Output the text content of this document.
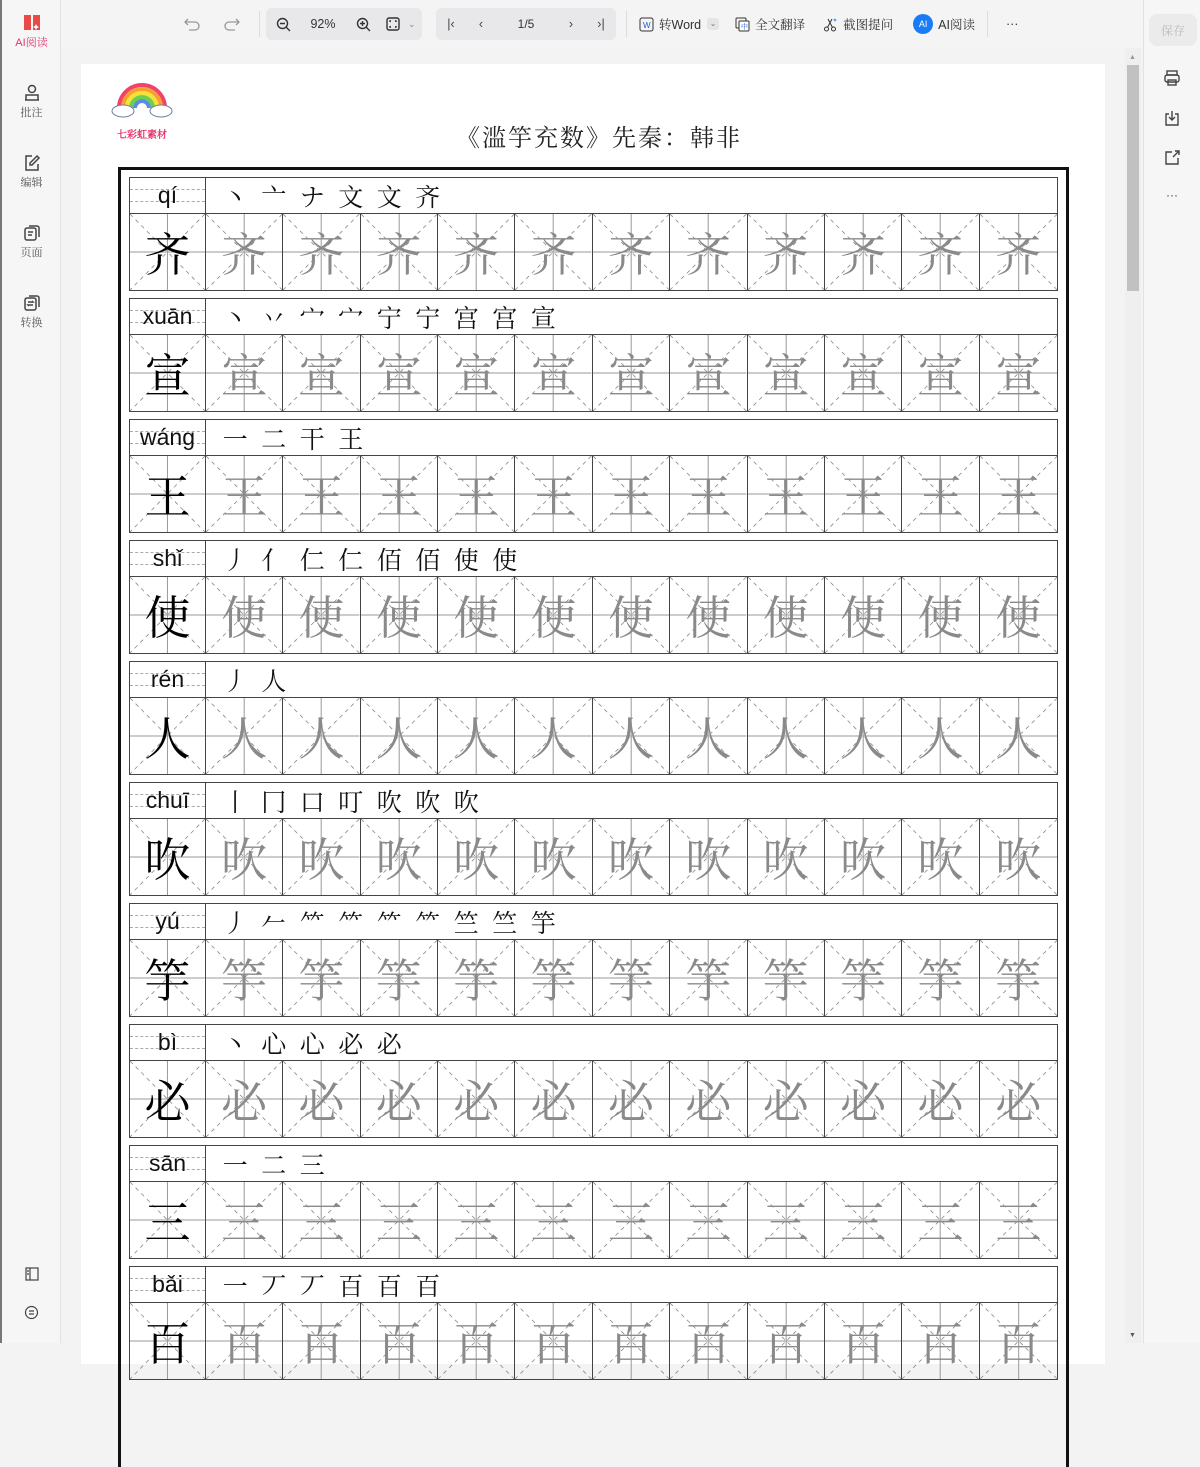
AI阅读
批注
编辑
页面
转换
92%	⌄	|‹ ‹	1/5	› ›|	W 转Word	⌄	中 全文翻译	截图提问	AI AI阅读 ···
▲
▼
保存
···
七彩虹素材	《滥竽充数》先秦：韩非
qí	丶 亠 ナ 文 文 齐
齐 齐 齐 齐 齐 齐 齐 齐 齐 齐 齐 齐
xuān	丶 丷 宀 宀 宁 宁 宫 宫 宣
宣 宣 宣 宣 宣 宣 宣 宣 宣 宣 宣 宣
wáng	一 二 干 王
王 王 王 王 王 王 王 王 王 王 王 王
shǐ	丿 亻 仁 仁 佰 佰 使 使
使 使 使 使 使 使 使 使 使 使 使 使
rén	丿 人
人 人 人 人 人 人 人 人 人 人 人 人
chuī	丨 冂 口 叮 吹 吹 吹
吹 吹 吹 吹 吹 吹 吹 吹 吹 吹 吹 吹
yú	丿 𠂉 ⺮ ⺮ ⺮ ⺮ 竺 竺 竽
竽 竽 竽 竽 竽 竽 竽 竽 竽 竽 竽 竽
bì	丶 心 心 必 必
必 必 必 必 必 必 必 必 必 必 必 必
sān	一 二 三
三 三 三 三 三 三 三 三 三 三 三 三
bǎi	一 丆 丆 百 百 百
百 百 百 百 百 百 百 百 百 百 百 百
